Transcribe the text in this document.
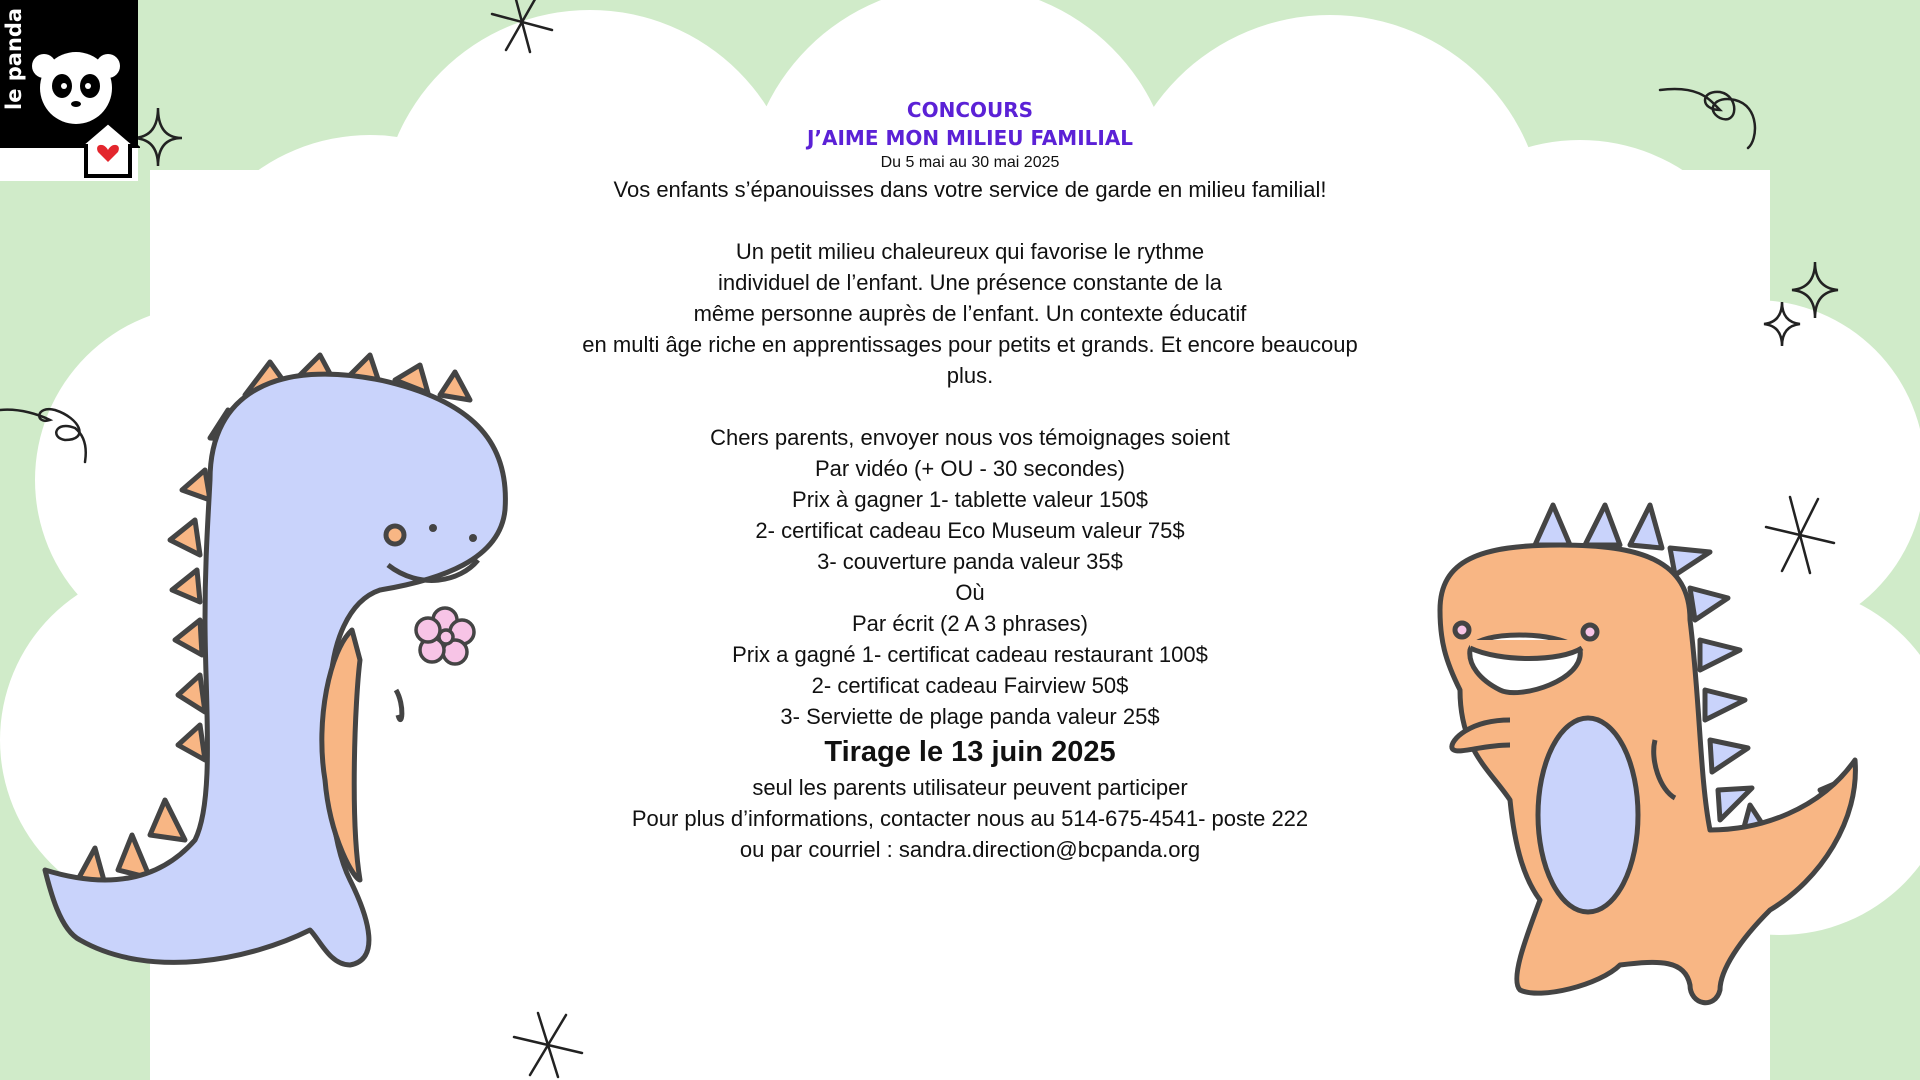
le panda	CONCOURS
J’AIME MON MILIEU FAMILIAL
Du 5 mai au 30 mai 2025
Vos enfants s’épanouisses dans votre service de garde en milieu familial!
Un petit milieu chaleureux qui favorise le rythme
individuel de l’enfant. Une présence constante de la
même personne auprès de l’enfant. Un contexte éducatif
en multi âge riche en apprentissages pour petits et grands. Et encore beaucoup
plus.
Chers parents, envoyer nous vos témoignages soient
Par vidéo (+ OU - 30 secondes)
Prix à gagner 1- tablette valeur 150$
2- certificat cadeau Eco Museum valeur 75$
3- couverture panda valeur 35$
Où
Par écrit (2 A 3 phrases)
Prix a gagné 1- certificat cadeau restaurant 100$
2- certificat cadeau Fairview 50$
3- Serviette de plage panda valeur 25$
Tirage le 13 juin 2025
seul les parents utilisateur peuvent participer
Pour plus d’informations, contacter nous au 514-675-4541- poste 222
ou par courriel : sandra.direction@bcpanda.org
